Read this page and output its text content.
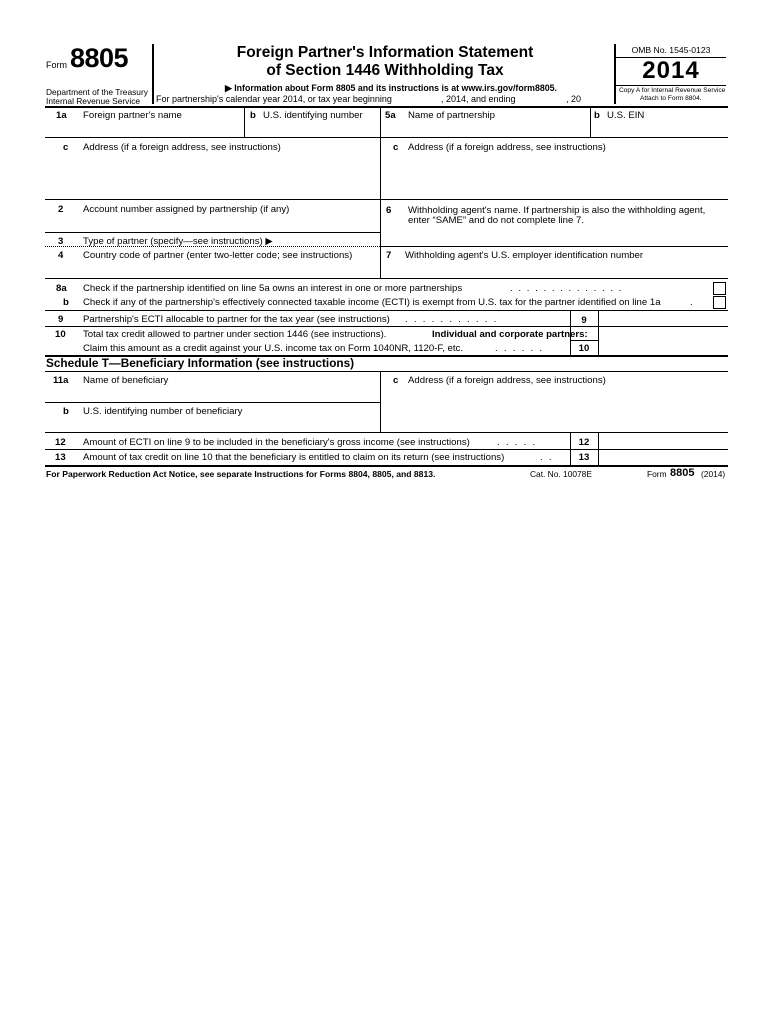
Form 8805
Department of the Treasury
Internal Revenue Service
Foreign Partner's Information Statement
of Section 1446 Withholding Tax
▶ Information about Form 8805 and its instructions is at www.irs.gov/form8805.
For partnership's calendar year 2014, or tax year beginning	, 2014, and ending	, 20
OMB No. 1545-0123
2014
Copy A for Internal Revenue Service
Attach to Form 8804.
1a Foreign partner's name	b U.S. identifying number 5a Name of partnership	b U.S. EIN
c Address (if a foreign address, see instructions)	c Address (if a foreign address, see instructions)
2 Account number assigned by partnership (if any)	6 Withholding agent's name. If partnership is also the withholding agent,
enter “SAME” and do not complete line 7.
3 Type of partner (specify—see instructions) ▶
4 Country code of partner (enter two-letter code; see instructions)	7 Withholding agent's U.S. employer identification number
8a Check if the partnership identified on line 5a owns an interest in one or more partnerships	..............
b Check if any of the partnership's effectively connected taxable income (ECTI) is exempt from U.S. tax for the partner identified on line 1a	.
9 Partnership's ECTI allocable to partner for the tax year (see instructions) ...........	9
10 Total tax credit allowed to partner under section 1446 (see instructions).	Individual and corporate partners:
Claim this amount as a credit against your U.S. income tax on Form 1040NR, 1120-F, etc.	......	10
Schedule T—Beneficiary Information (see instructions)
11a Name of beneficiary	c Address (if a foreign address, see instructions)
b U.S. identifying number of beneficiary
12 Amount of ECTI on line 9 to be included in the beneficiary's gross income (see instructions)	.....	12
13 Amount of tax credit on line 10 that the beneficiary is entitled to claim on its return (see instructions)	..	13
For Paperwork Reduction Act Notice, see separate Instructions for Forms 8804, 8805, and 8813.	Cat. No. 10078E	Form 8805 (2014)
